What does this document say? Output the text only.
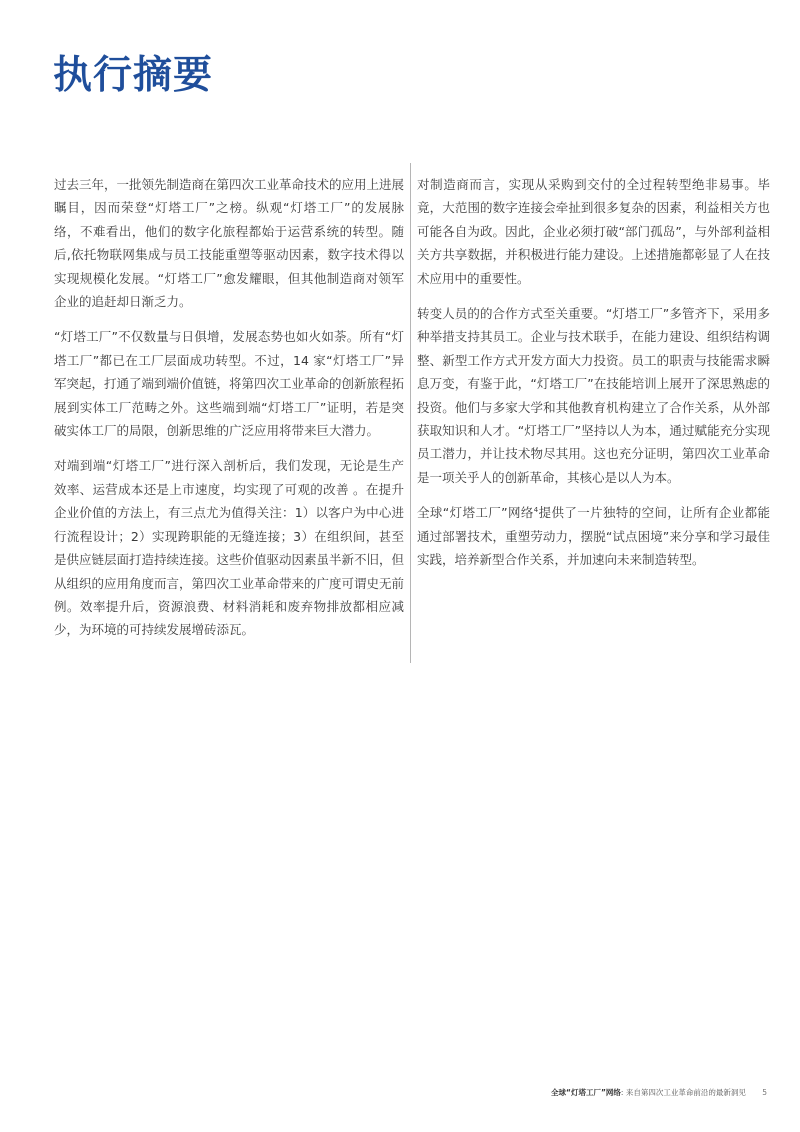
执行摘要

过去三年，一批领先制造商在第四次工业革命技术的应用上进展瞩目，因而荣登“灯塔工厂”之榜。纵观“灯塔工厂”的发展脉络，不难看出，他们的数字化旅程都始于运营系统的转型。随后,依托物联网集成与员工技能重塑等驱动因素，数字技术得以实现规模化发展。“灯塔工厂”愈发耀眼，但其他制造商对领军企业的追赶却日渐乏力。

“灯塔工厂”不仅数量与日俱增，发展态势也如火如荼。所有“灯塔工厂”都已在工厂层面成功转型。不过，14 家“灯塔工厂”异军突起，打通了端到端价值链，将第四次工业革命的创新旅程拓展到实体工厂范畴之外。这些端到端“灯塔工厂”证明，若是突破实体工厂的局限，创新思维的广泛应用将带来巨大潜力。

对端到端“灯塔工厂”进行深入剖析后，我们发现，无论是生产效率、运营成本还是上市速度，均实现了可观的改善 。在提升企业价值的方法上，有三点尤为值得关注：1）以客户为中心进行流程设计；2）实现跨职能的无缝连接；3）在组织间，甚至是供应链层面打造持续连接。这些价值驱动因素虽半新不旧，但从组织的应用角度而言，第四次工业革命带来的广度可谓史无前例。效率提升后，资源浪费、材料消耗和废弃物排放都相应减少，为环境的可持续发展增砖添瓦。

对制造商而言，实现从采购到交付的全过程转型绝非易事。毕竟，大范围的数字连接会牵扯到很多复杂的因素，利益相关方也可能各自为政。因此，企业必须打破“部门孤岛”，与外部利益相关方共享数据，并积极进行能力建设。上述措施都彰显了人在技术应用中的重要性。

转变人员的的合作方式至关重要。“灯塔工厂”多管齐下，采用多种举措支持其员工。企业与技术联手，在能力建设、组织结构调整、新型工作方式开发方面大力投资。员工的职责与技能需求瞬息万变，有鉴于此，“灯塔工厂”在技能培训上展开了深思熟虑的投资。他们与多家大学和其他教育机构建立了合作关系，从外部获取知识和人才。“灯塔工厂”坚持以人为本，通过赋能充分实现员工潜力，并让技术物尽其用。这也充分证明，第四次工业革命是一项关乎人的创新革命，其核心是以人为本。

全球“灯塔工厂”网络$^4$提供了一片独特的空间，让所有企业都能通过部署技术，重塑劳动力，摆脱“试点困境”来分享和学习最佳实践，培养新型合作关系，并加速向未来制造转型。

全球“灯塔工厂”网络: 来自第四次工业革命前沿的最新洞见 5
